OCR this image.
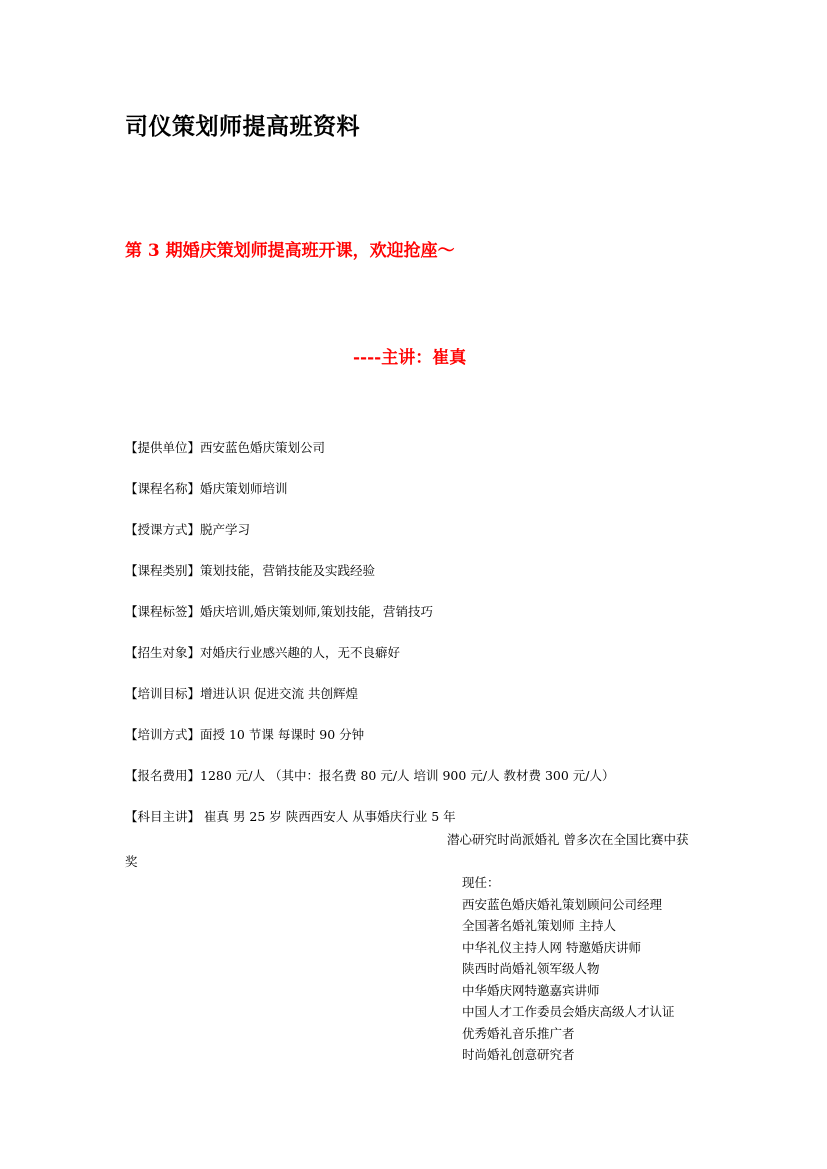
司仪策划师提高班资料
第 3 期婚庆策划师提高班开课，欢迎抢座～
----主讲：崔真
【提供单位】西安蓝色婚庆策划公司
【课程名称】婚庆策划师培训
【授课方式】脱产学习
【课程类别】策划技能，营销技能及实践经验
【课程标签】婚庆培训,婚庆策划师,策划技能，营销技巧
【招生对象】对婚庆行业感兴趣的人，无不良癖好
【培训目标】增进认识 促进交流 共创辉煌
【培训方式】面授 10 节课 每课时 90 分钟
【报名费用】1280 元/人 （其中：报名费 80 元/人 培训 900 元/人 教材费 300 元/人）
【科目主讲】 崔真 男 25 岁 陕西西安人 从事婚庆行业 5 年
潜心研究时尚派婚礼 曾多次在全国比赛中获
奖
现任：
西安蓝色婚庆婚礼策划顾问公司经理
全国著名婚礼策划师 主持人
中华礼仪主持人网 特邀婚庆讲师
陕西时尚婚礼领军级人物
中华婚庆网特邀嘉宾讲师
中国人才工作委员会婚庆高级人才认证
优秀婚礼音乐推广者
时尚婚礼创意研究者
